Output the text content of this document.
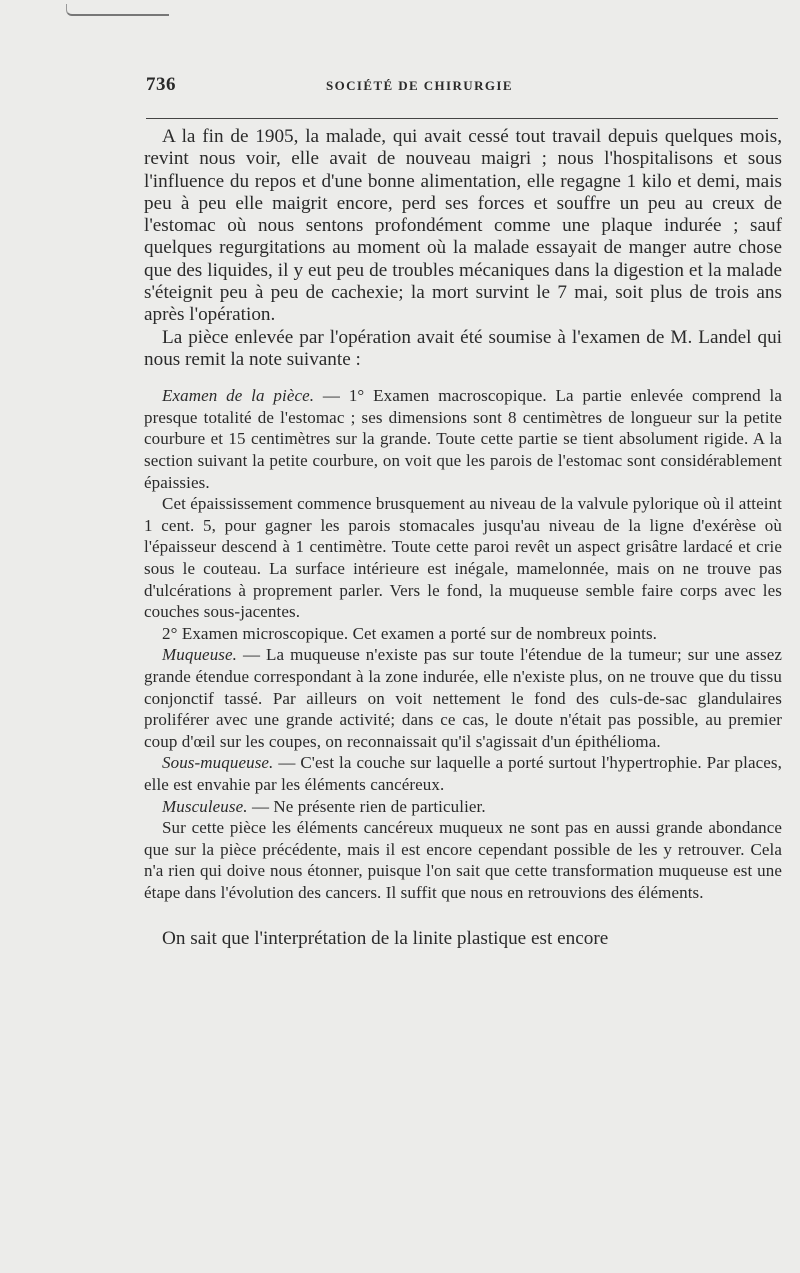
736	SOCIÉTÉ DE CHIRURGIE

A la fin de 1905, la malade, qui avait cessé tout travail depuis quelques mois, revint nous voir, elle avait de nouveau maigri ; nous l'hospitalisons et sous l'influence du repos et d'une bonne alimentation, elle regagne 1 kilo et demi, mais peu à peu elle maigrit encore, perd ses forces et souffre un peu au creux de l'estomac où nous sentons profondément comme une plaque indurée ; sauf quelques regurgitations au moment où la malade essayait de manger autre chose que des liquides, il y eut peu de troubles mécaniques dans la digestion et la malade s'éteignit peu à peu de cachexie; la mort survint le 7 mai, soit plus de trois ans après l'opération.

La pièce enlevée par l'opération avait été soumise à l'examen de M. Landel qui nous remit la note suivante :

Examen de la pièce. — 1° Examen macroscopique. La partie enlevée comprend la presque totalité de l'estomac ; ses dimensions sont 8 centimètres de longueur sur la petite courbure et 15 centimètres sur la grande. Toute cette partie se tient absolument rigide. A la section suivant la petite courbure, on voit que les parois de l'estomac sont considérablement épaissies.

Cet épaississement commence brusquement au niveau de la valvule pylorique où il atteint 1 cent. 5, pour gagner les parois stomacales jusqu'au niveau de la ligne d'exérèse où l'épaisseur descend à 1 centimètre. Toute cette paroi revêt un aspect grisâtre lardacé et crie sous le couteau. La surface intérieure est inégale, mamelonnée, mais on ne trouve pas d'ulcérations à proprement parler. Vers le fond, la muqueuse semble faire corps avec les couches sous-jacentes.

2° Examen microscopique. Cet examen a porté sur de nombreux points.

Muqueuse. — La muqueuse n'existe pas sur toute l'étendue de la tumeur; sur une assez grande étendue correspondant à la zone indurée, elle n'existe plus, on ne trouve que du tissu conjonctif tassé. Par ailleurs on voit nettement le fond des culs-de-sac glandulaires proliférer avec une grande activité; dans ce cas, le doute n'était pas possible, au premier coup d'œil sur les coupes, on reconnaissait qu'il s'agissait d'un épithélioma.

Sous-muqueuse. — C'est la couche sur laquelle a porté surtout l'hypertrophie. Par places, elle est envahie par les éléments cancéreux.

Musculeuse. — Ne présente rien de particulier.

Sur cette pièce les éléments cancéreux muqueux ne sont pas en aussi grande abondance que sur la pièce précédente, mais il est encore cependant possible de les y retrouver. Cela n'a rien qui doive nous étonner, puisque l'on sait que cette transformation muqueuse est une étape dans l'évolution des cancers. Il suffit que nous en retrouvions des éléments.

On sait que l'interprétation de la linite plastique est encore
